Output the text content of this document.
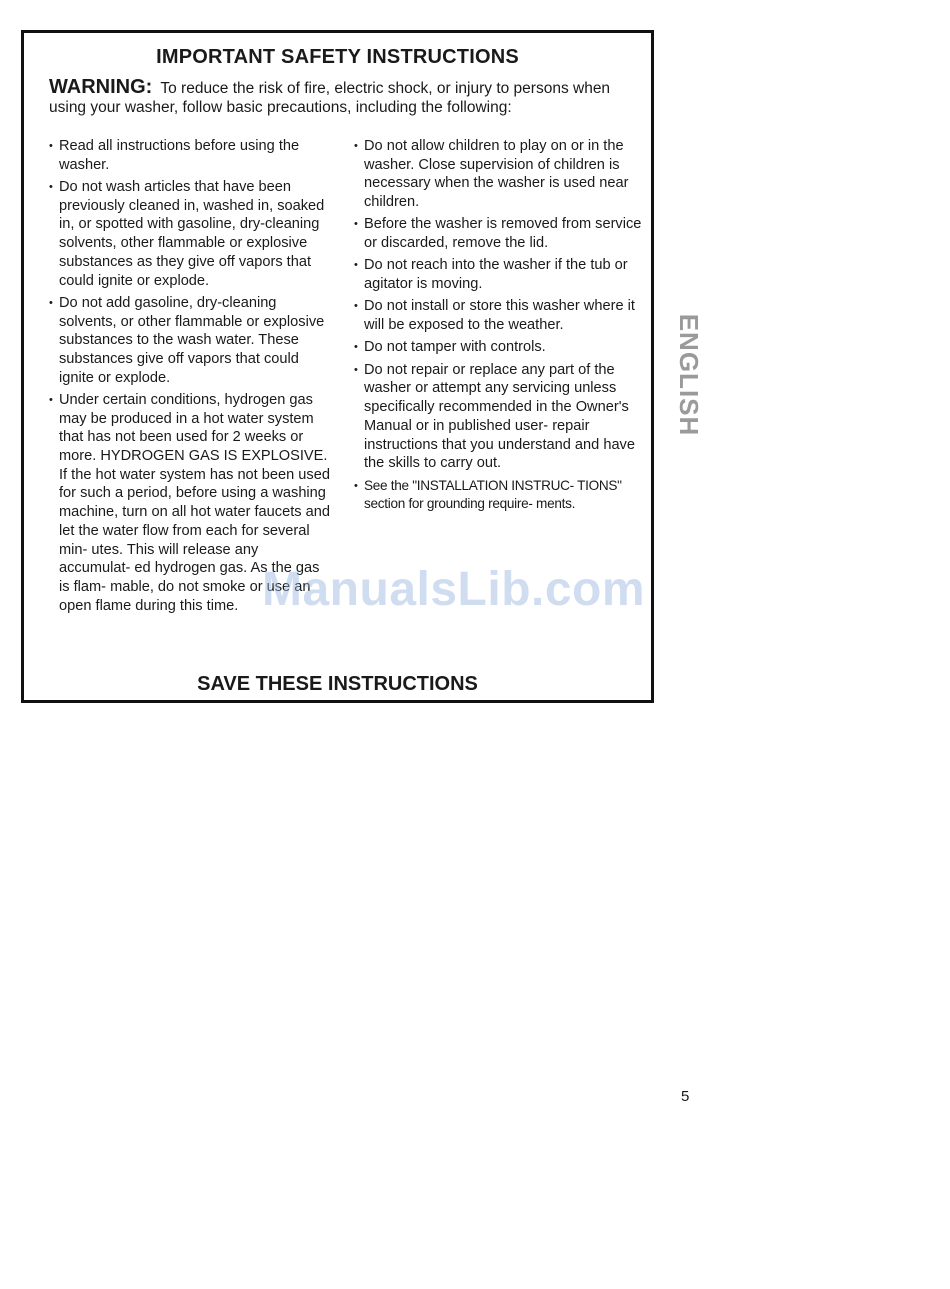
IMPORTANT SAFETY INSTRUCTIONS

WARNING: To reduce the risk of fire, electric shock, or injury to persons when using your washer, follow basic precautions, including the following:

• Read all instructions before using the washer.
• Do not wash articles that have been previously cleaned in, washed in, soaked in, or spotted with gasoline, dry-cleaning solvents, other flammable or explosive substances as they give off vapors that could ignite or explode.
• Do not add gasoline, dry-cleaning solvents, or other flammable or explosive substances to the wash water. These substances give off vapors that could ignite or explode.
• Under certain conditions, hydrogen gas may be produced in a hot water system that has not been used for 2 weeks or more. HYDROGEN GAS IS EXPLOSIVE. If the hot water system has not been used for such a period, before using a washing machine, turn on all hot water faucets and let the water flow from each for several min- utes. This will release any accumulat- ed hydrogen gas. As the gas is flam- mable, do not smoke or use an open flame during this time.
• Do not allow children to play on or in the washer. Close supervision of children is necessary when the washer is used near children.
• Before the washer is removed from service or discarded, remove the lid.
• Do not reach into the washer if the tub or agitator is moving.
• Do not install or store this washer where it will be exposed to the weather.
• Do not tamper with controls.
• Do not repair or replace any part of the washer or attempt any servicing unless specifically recommended in the Owner's Manual or in published user- repair instructions that you understand and have the skills to carry out.
• See the "INSTALLATION INSTRUC- TIONS" section for grounding require- ments.
SAVE THESE INSTRUCTIONS
ENGLISH
ManualsLib.com
5
